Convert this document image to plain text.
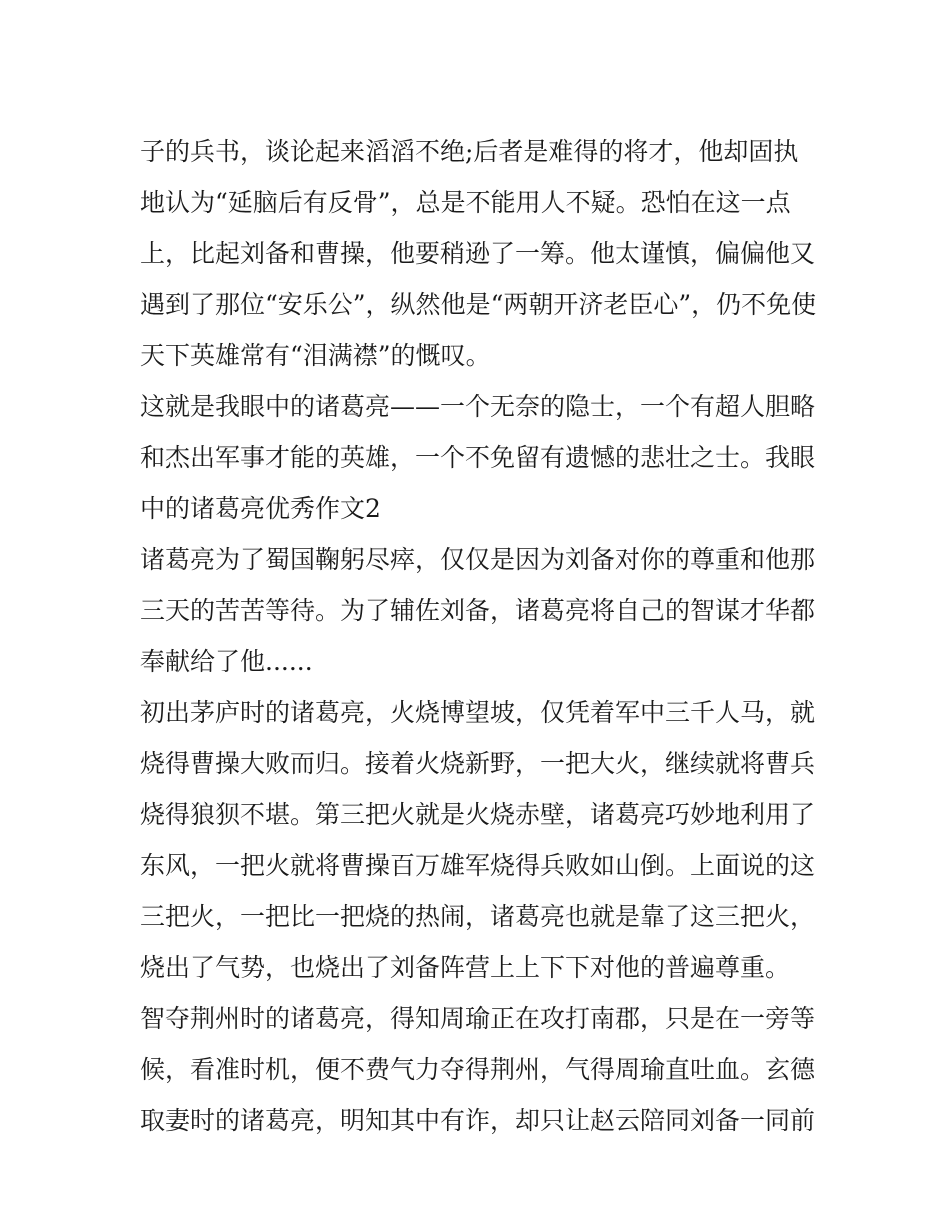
子的兵书，谈论起来滔滔不绝;后者是难得的将才，他却固执
地认为“延脑后有反骨”，总是不能用人不疑。恐怕在这一点
上，比起刘备和曹操，他要稍逊了一筹。他太谨慎，偏偏他又
遇到了那位“安乐公”，纵然他是“两朝开济老臣心”，仍不免使
天下英雄常有“泪满襟”的慨叹。
这就是我眼中的诸葛亮——一个无奈的隐士，一个有超人胆略
和杰出军事才能的英雄，一个不免留有遗憾的悲壮之士。我眼
中的诸葛亮优秀作文2
诸葛亮为了蜀国鞠躬尽瘁，仅仅是因为刘备对你的尊重和他那
三天的苦苦等待。为了辅佐刘备，诸葛亮将自己的智谋才华都
奉献给了他......
初出茅庐时的诸葛亮，火烧博望坡，仅凭着军中三千人马，就
烧得曹操大败而归。接着火烧新野，一把大火，继续就将曹兵
烧得狼狈不堪。第三把火就是火烧赤壁，诸葛亮巧妙地利用了
东风，一把火就将曹操百万雄军烧得兵败如山倒。上面说的这
三把火，一把比一把烧的热闹，诸葛亮也就是靠了这三把火，
烧出了气势，也烧出了刘备阵营上上下下对他的普遍尊重。
智夺荆州时的诸葛亮，得知周瑜正在攻打南郡，只是在一旁等
候，看准时机，便不费气力夺得荆州，气得周瑜直吐血。玄德
取妻时的诸葛亮，明知其中有诈，却只让赵云陪同刘备一同前
